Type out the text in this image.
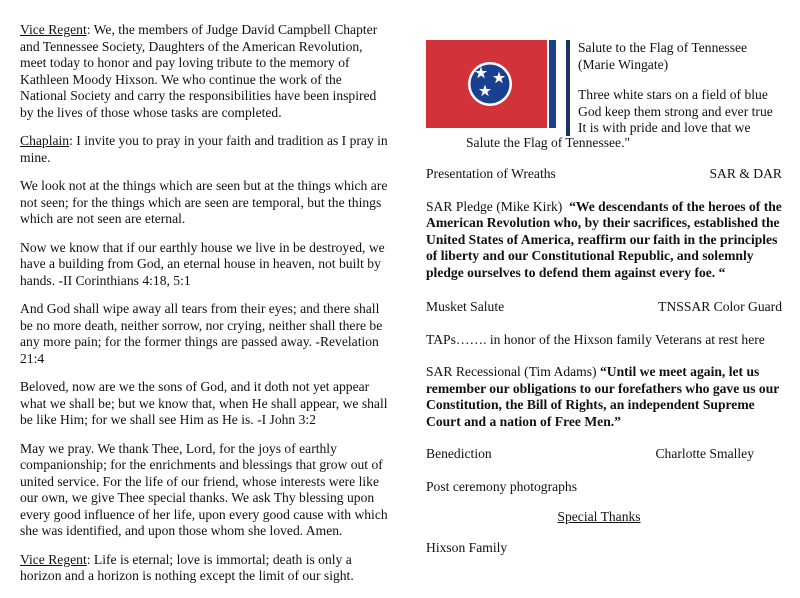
Vice Regent: We, the members of Judge David Campbell Chapter and Tennessee Society, Daughters of the American Revolution, meet today to honor and pay loving tribute to the memory of Kathleen Moody Hixson. We who continue the work of the National Society and carry the responsibilities have been inspired by the lives of those whose tasks are completed.

Chaplain: I invite you to pray in your faith and tradition as I pray in mine.

We look not at the things which are seen but at the things which are not seen; for the things which are seen are temporal, but the things which are not seen are eternal.

Now we know that if our earthly house we live in be destroyed, we have a building from God, an eternal house in heaven, not built by hands. -II Corinthians 4:18, 5:1

And God shall wipe away all tears from their eyes; and there shall be no more death, neither sorrow, nor crying, neither shall there be any more pain; for the former things are passed away. -Revelation 21:4

Beloved, now are we the sons of God, and it doth not yet appear what we shall be; but we know that, when He shall appear, we shall be like Him; for we shall see Him as He is. -I John 3:2

May we pray. We thank Thee, Lord, for the joys of earthly companionship; for the enrichments and blessings that grow out of united service. For the life of our friend, whose interests were like our own, we give Thee special thanks. We ask Thy blessing upon every good influence of her life, upon every good cause with which she was identified, and upon those whom she loved. Amen.

Vice Regent: Life is eternal; love is immortal; death is only a horizon and a horizon is nothing except the limit of our sight.

Salute to the Flag of Tennessee
(Marie Wingate)
Three white stars on a field of blue
God keep them strong and ever true
It is with pride and love that we
Salute the Flag of Tennessee."
Presentation of Wreaths	SAR & DAR

SAR Pledge (Mike Kirk) “We descendants of the heroes of the American Revolution who, by their sacrifices, established the United States of America, reaffirm our faith in the principles of liberty and our Constitutional Republic, and solemnly pledge ourselves to defend them against every foe. “

Musket Salute	TNSSAR Color Guard

TAPs……. in honor of the Hixson family Veterans at rest here

SAR Recessional (Tim Adams) “Until we meet again, let us remember our obligations to our forefathers who gave us our Constitution, the Bill of Rights, an independent Supreme Court and a nation of Free Men.”

Benediction	Charlotte Smalley

Post ceremony photographs

Special Thanks
Hixson Family
